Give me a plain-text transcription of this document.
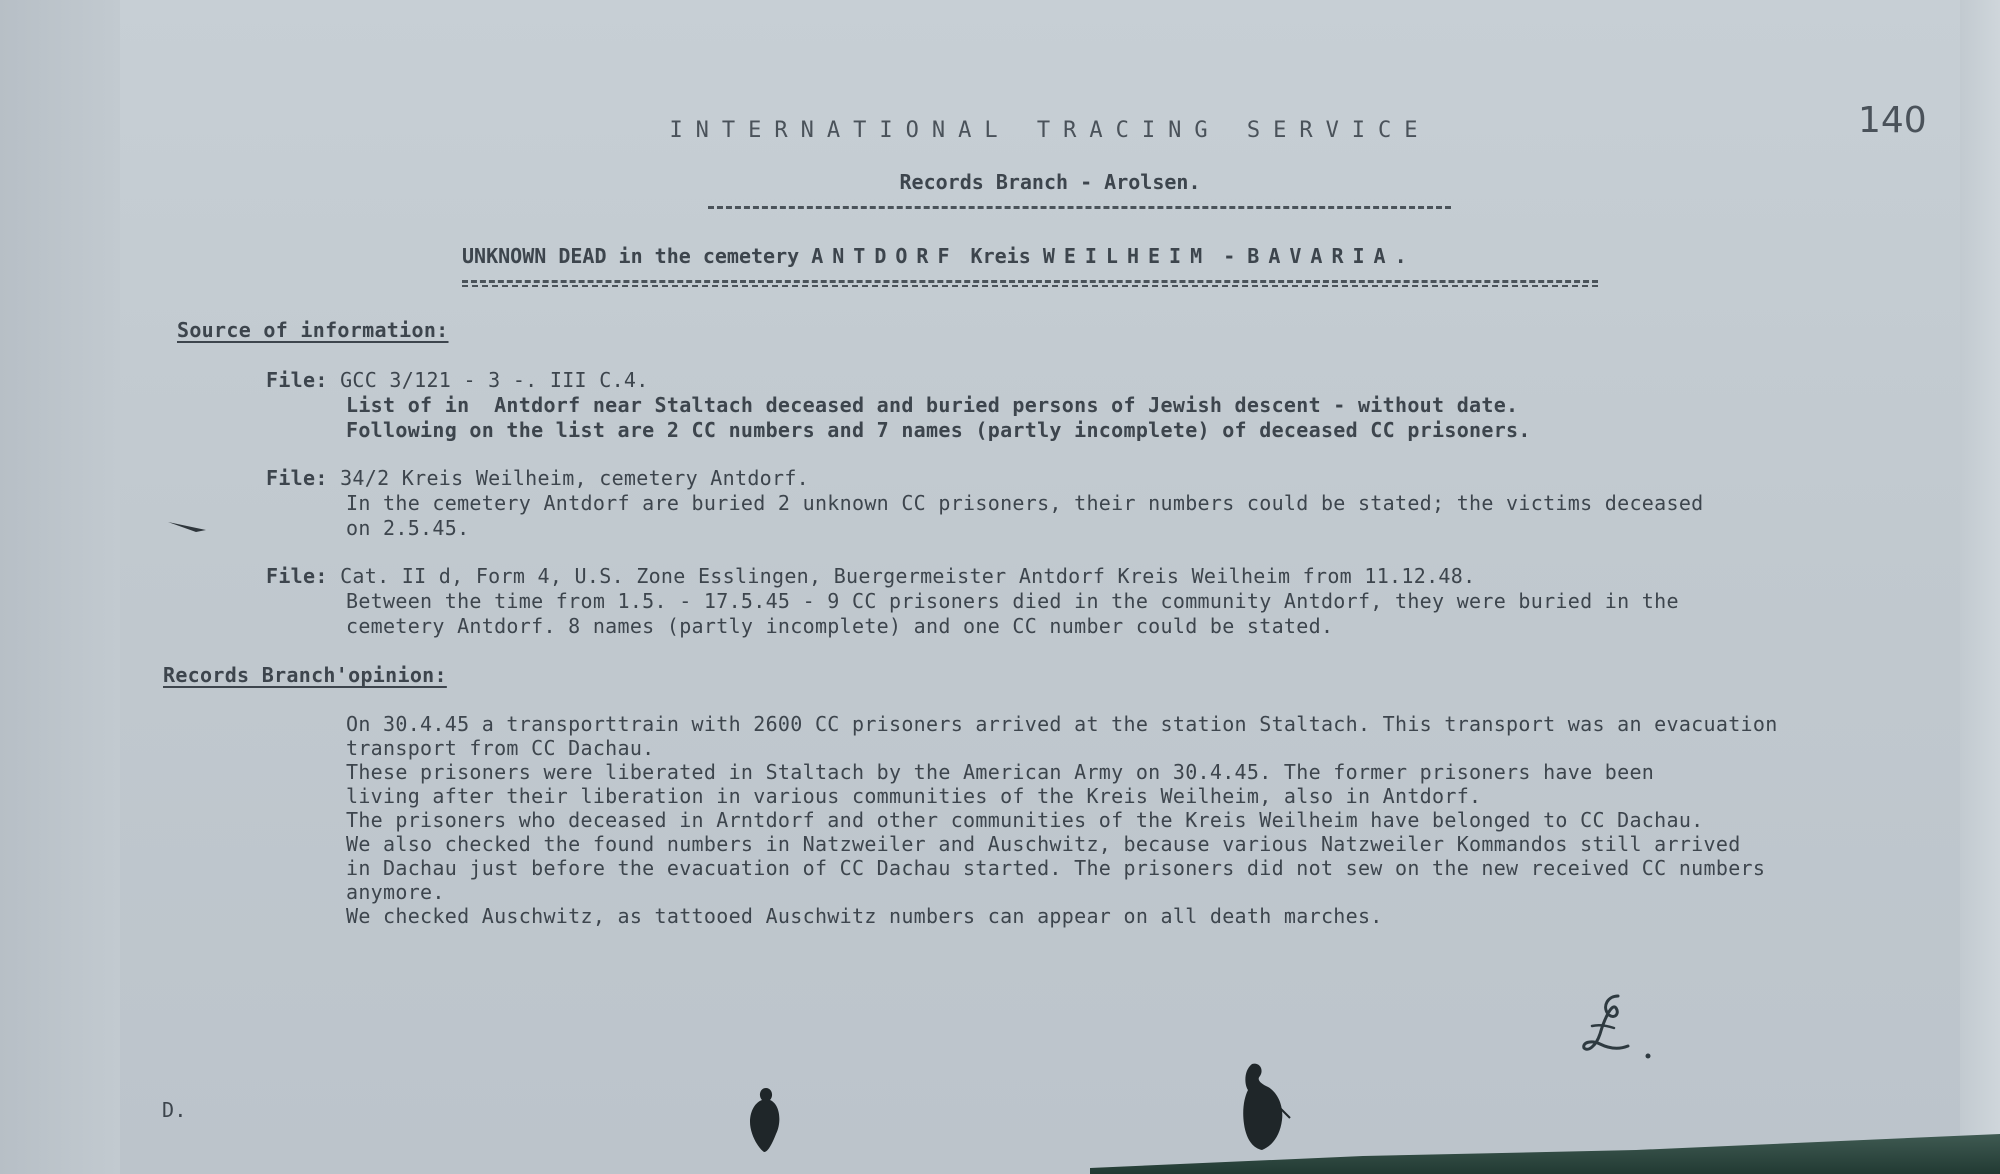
140
INTERNATIONAL TRACING SERVICE
Records Branch - Arolsen.
UNKNOWN DEAD in the cemetery ANTDORF Kreis WEILHEIM - BAVARIA.
Source of information:
File: GCC 3/121 - 3 -. III C.4.
List of in  Antdorf near Staltach deceased and buried persons of Jewish descent - without date.
Following on the list are 2 CC numbers and 7 names (partly incomplete) of deceased CC prisoners.
File: 34/2 Kreis Weilheim, cemetery Antdorf.
In the cemetery Antdorf are buried 2 unknown CC prisoners, their numbers could be stated; the victims deceased
on 2.5.45.
File: Cat. II d, Form 4, U.S. Zone Esslingen, Buergermeister Antdorf Kreis Weilheim from 11.12.48.
Between the time from 1.5. - 17.5.45 - 9 CC prisoners died in the community Antdorf, they were buried in the
cemetery Antdorf. 8 names (partly incomplete) and one CC number could be stated.
Records Branch'opinion:
On 30.4.45 a transporttrain with 2600 CC prisoners arrived at the station Staltach. This transport was an evacuation
transport from CC Dachau.
These prisoners were liberated in Staltach by the American Army on 30.4.45. The former prisoners have been
living after their liberation in various communities of the Kreis Weilheim, also in Antdorf.
The prisoners who deceased in Arntdorf and other communities of the Kreis Weilheim have belonged to CC Dachau.
We also checked the found numbers in Natzweiler and Auschwitz, because various Natzweiler Kommandos still arrived
in Dachau just before the evacuation of CC Dachau started. The prisoners did not sew on the new received CC numbers
anymore.
We checked Auschwitz, as tattooed Auschwitz numbers can appear on all death marches.
D.
